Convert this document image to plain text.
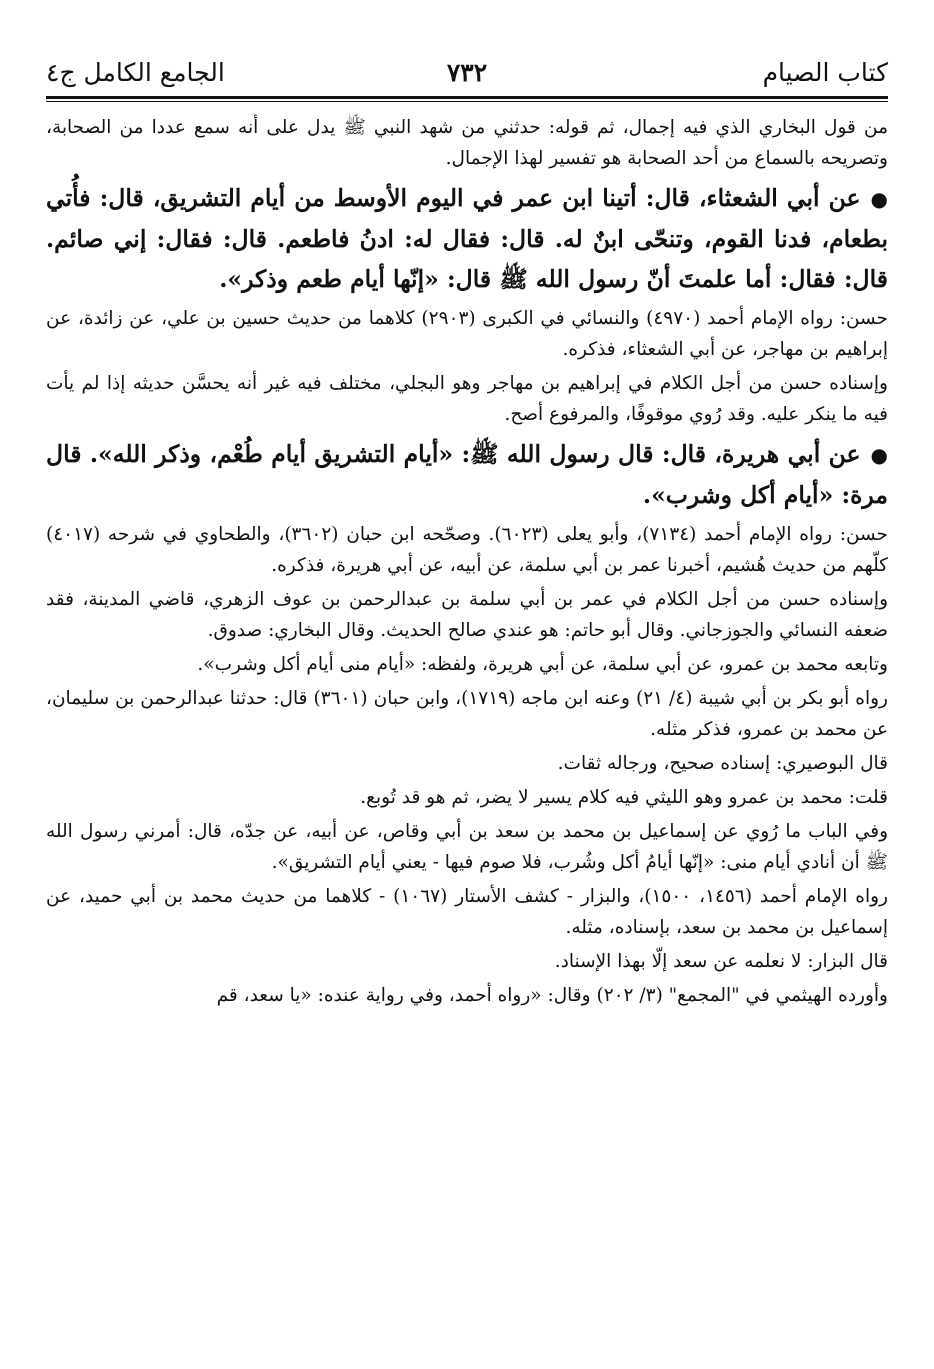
كتاب الصيام
٧٣٢
الجامع الكامل ج٤

من قول البخاري الذي فيه إجمال، ثم قوله: حدثني من شهد النبي ﷺ يدل على أنه سمع عددا من الصحابة، وتصريحه بالسماع من أحد الصحابة هو تفسير لهذا الإجمال.

●عن أبي الشعثاء، قال: أتينا ابن عمر في اليوم الأوسط من أيام التشريق، قال: فأُتي بطعام، فدنا القوم، وتنحّى ابنٌ له. قال: فقال له: ادنُ فاطعم. قال: فقال: إني صائم. قال: فقال: أما علمتَ أنّ رسول الله ﷺ قال: «إنّها أيام طعم وذكر».

حسن: رواه الإمام أحمد (٤٩٧٠) والنسائي في الكبرى (٢٩٠٣) كلاهما من حديث حسين بن علي، عن زائدة، عن إبراهيم بن مهاجر، عن أبي الشعثاء، فذكره.

وإسناده حسن من أجل الكلام في إبراهيم بن مهاجر وهو البجلي، مختلف فيه غير أنه يحسَّن حديثه إذا لم يأت فيه ما ينكر عليه. وقد رُوي موقوفًا، والمرفوع أصح.

●عن أبي هريرة، قال: قال رسول الله ﷺ: «أيام التشريق أيام طُعْم، وذكر الله». قال مرة: «أيام أكل وشرب».

حسن: رواه الإمام أحمد (٧١٣٤)، وأبو يعلى (٦٠٢٣). وصحّحه ابن حبان (٣٦٠٢)، والطحاوي في شرحه (٤٠١٧) كلّهم من حديث هُشيم، أخبرنا عمر بن أبي سلمة، عن أبيه، عن أبي هريرة، فذكره.

وإسناده حسن من أجل الكلام في عمر بن أبي سلمة بن عبدالرحمن بن عوف الزهري، قاضي المدينة، فقد ضعفه النسائي والجوزجاني. وقال أبو حاتم: هو عندي صالح الحديث. وقال البخاري: صدوق.

وتابعه محمد بن عمرو، عن أبي سلمة، عن أبي هريرة، ولفظه: «أيام منى أيام أكل وشرب».

رواه أبو بكر بن أبي شيبة (٤/ ٢١) وعنه ابن ماجه (١٧١٩)، وابن حبان (٣٦٠١) قال: حدثنا عبدالرحمن بن سليمان، عن محمد بن عمرو، فذكر مثله.

قال البوصيري: إسناده صحيح، ورجاله ثقات.

قلت: محمد بن عمرو وهو الليثي فيه كلام يسير لا يضر، ثم هو قد تُوبع.

وفي الباب ما رُوي عن إسماعيل بن محمد بن سعد بن أبي وقاص، عن أبيه، عن جدّه، قال: أمرني رسول الله ﷺ أن أنادي أيام منى: «إنّها أيامُ أكل وشُرب، فلا صوم فيها - يعني أيام التشريق».

رواه الإمام أحمد (١٤٥٦، ١٥٠٠)، والبزار - كشف الأستار (١٠٦٧) - كلاهما من حديث محمد بن أبي حميد، عن إسماعيل بن محمد بن سعد، بإسناده، مثله.

قال البزار: لا نعلمه عن سعد إلّا بهذا الإسناد.

وأورده الهيثمي في "المجمع" (٣/ ٢٠٢) وقال: «رواه أحمد، وفي رواية عنده: «يا سعد، قم
